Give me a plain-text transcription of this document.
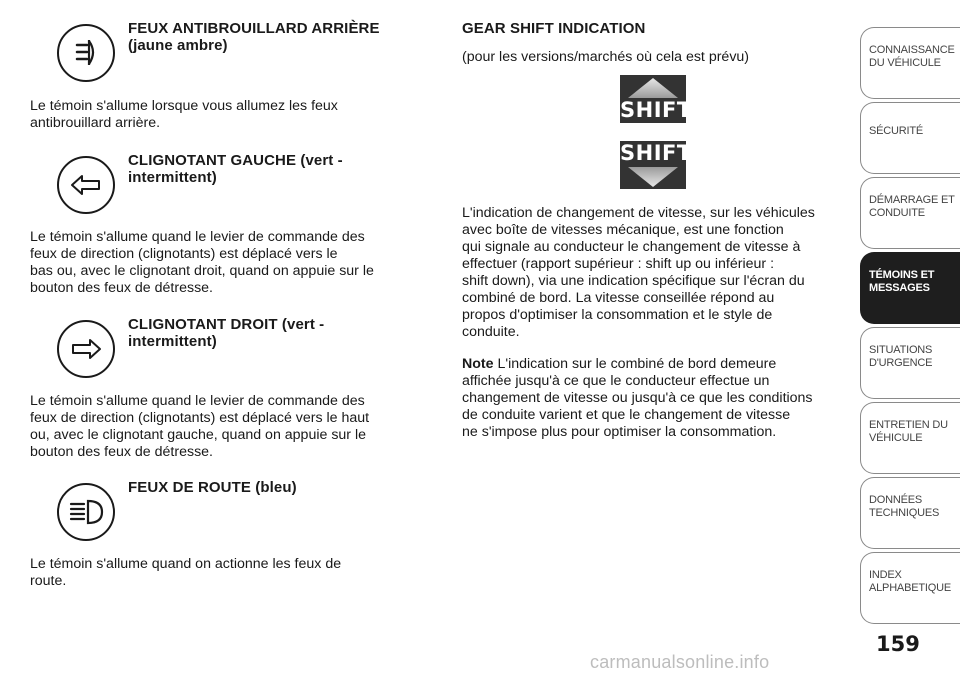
FEUX ANTIBROUILLARD ARRIÈRE
(jaune ambre)

Le témoin s'allume lorsque vous allumez les feux

antibrouillard arrière.

CLIGNOTANT GAUCHE (vert -
intermittent)

Le témoin s'allume quand le levier de commande des

feux de direction (clignotants) est déplacé vers le

bas ou, avec le clignotant droit, quand on appuie sur le

bouton des feux de détresse.

CLIGNOTANT DROIT (vert -
intermittent)

Le témoin s'allume quand le levier de commande des

feux de direction (clignotants) est déplacé vers le haut

ou, avec le clignotant gauche, quand on appuie sur le

bouton des feux de détresse.

FEUX DE ROUTE (bleu)

Le témoin s'allume quand on actionne les feux de

route.

GEAR SHIFT INDICATION
(pour les versions/marchés où cela est prévu)
SHIFT
SHIFT

L'indication de changement de vitesse, sur les véhicules

avec boîte de vitesses mécanique, est une fonction

qui signale au conducteur le changement de vitesse à

effectuer (rapport supérieur : shift up ou inférieur :

shift down), via une indication spécifique sur l'écran du

combiné de bord. La vitesse conseillée répond au

propos d'optimiser la consommation et le style de

conduite.

Note L'indication sur le combiné de bord demeure

affichée jusqu'à ce que le conducteur effectue un

changement de vitesse ou jusqu'à ce que les conditions

de conduite varient et que le changement de vitesse

ne s'impose plus pour optimiser la consommation.

CONNAISSANCE
DU VÉHICULE
SÉCURITÉ
DÉMARRAGE ET
CONDUITE
TÉMOINS ET
MESSAGES
SITUATIONS
D'URGENCE
ENTRETIEN DU
VÉHICULE
DONNÉES
TECHNIQUES
INDEX
ALPHABETIQUE
159
carmanualsonline.info
